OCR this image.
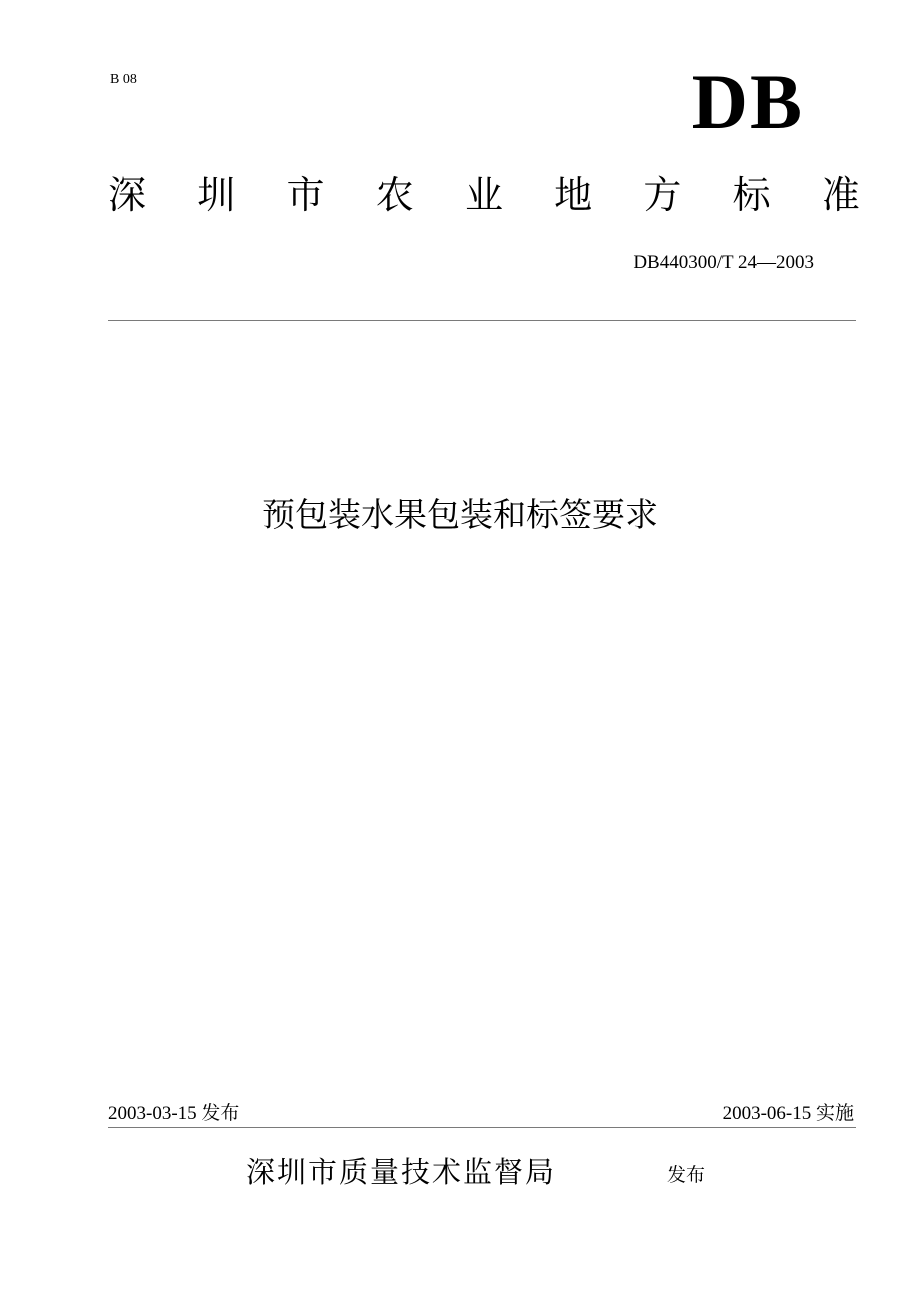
B 08	DB
深 圳 市 农 业 地 方 标 准
DB440300/T 24—2003
预包装水果包装和标签要求
2003-03-15 发布	2003-06-15 实施
深圳市质量技术监督局	发布
